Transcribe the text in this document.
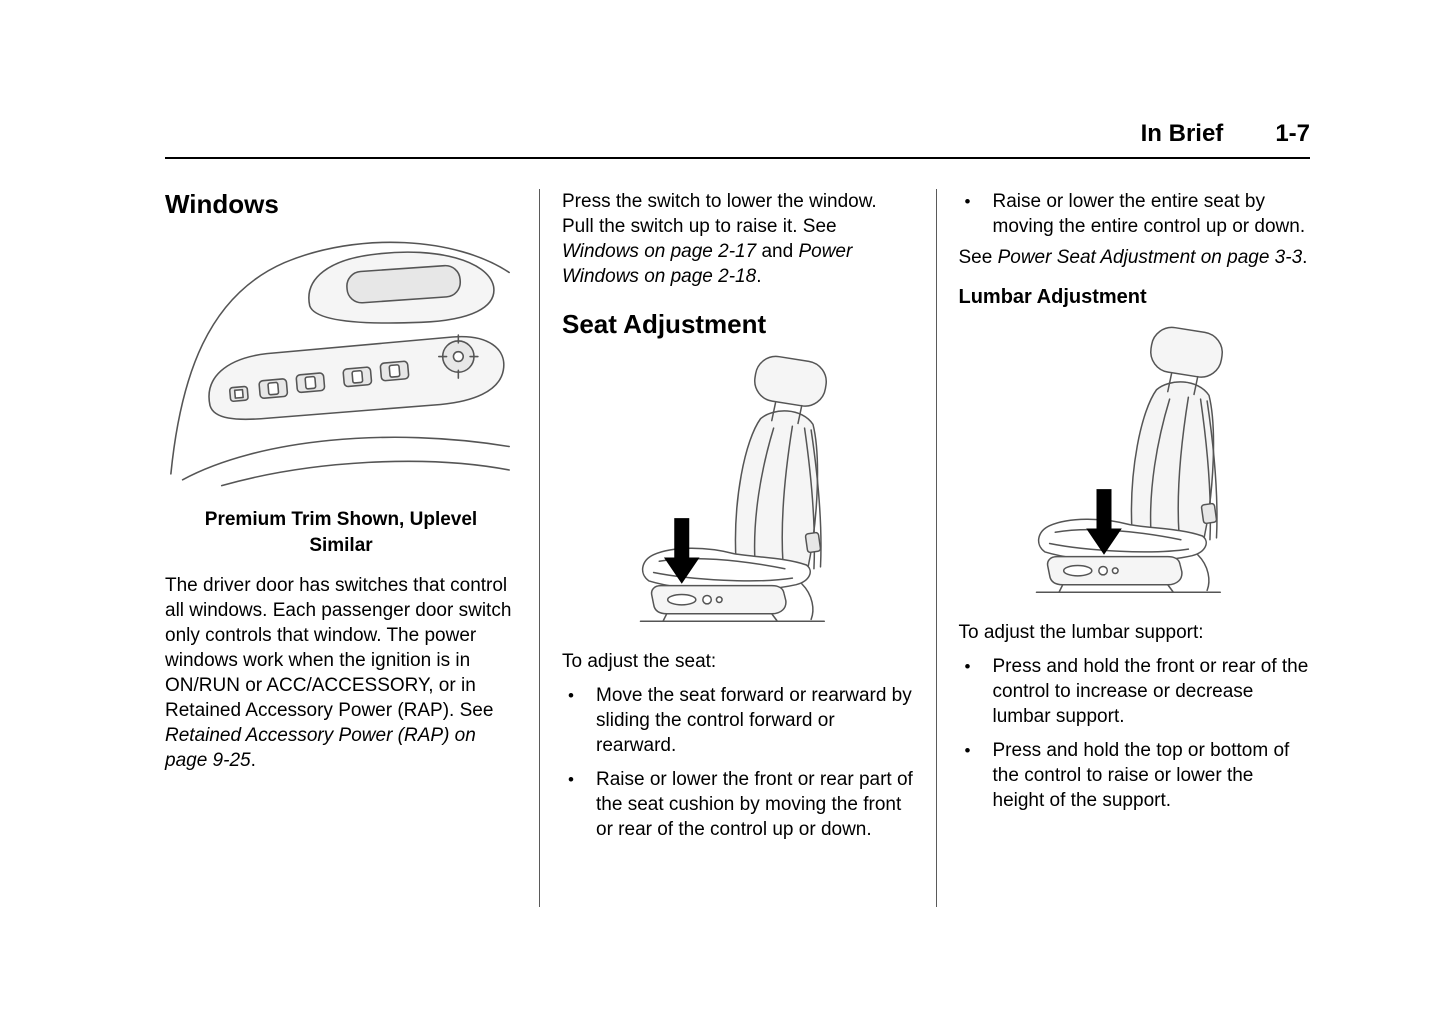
In Brief 1-7
Windows
Premium Trim Shown, Uplevel
Similar

The driver door has switches that control all windows. Each passenger door switch only controls that window. The power windows work when the ignition is in ON/RUN or ACC/ACCESSORY, or in Retained Accessory Power (RAP). See Retained Accessory Power (RAP) on page 9-25.

Press the switch to lower the window. Pull the switch up to raise it. See Windows on page 2-17 and Power Windows on page 2-18.

Seat Adjustment

To adjust the seat:

•	Move the seat forward or rearward by sliding the control forward or rearward.
•	Raise or lower the front or rear part of the seat cushion by moving the front or rear of the control up or down.
•	Raise or lower the entire seat by moving the entire control up or down.

See Power Seat Adjustment on page 3-3.

Lumbar Adjustment

To adjust the lumbar support:

•	Press and hold the front or rear of the control to increase or decrease lumbar support.
•	Press and hold the top or bottom of the control to raise or lower the height of the support.
